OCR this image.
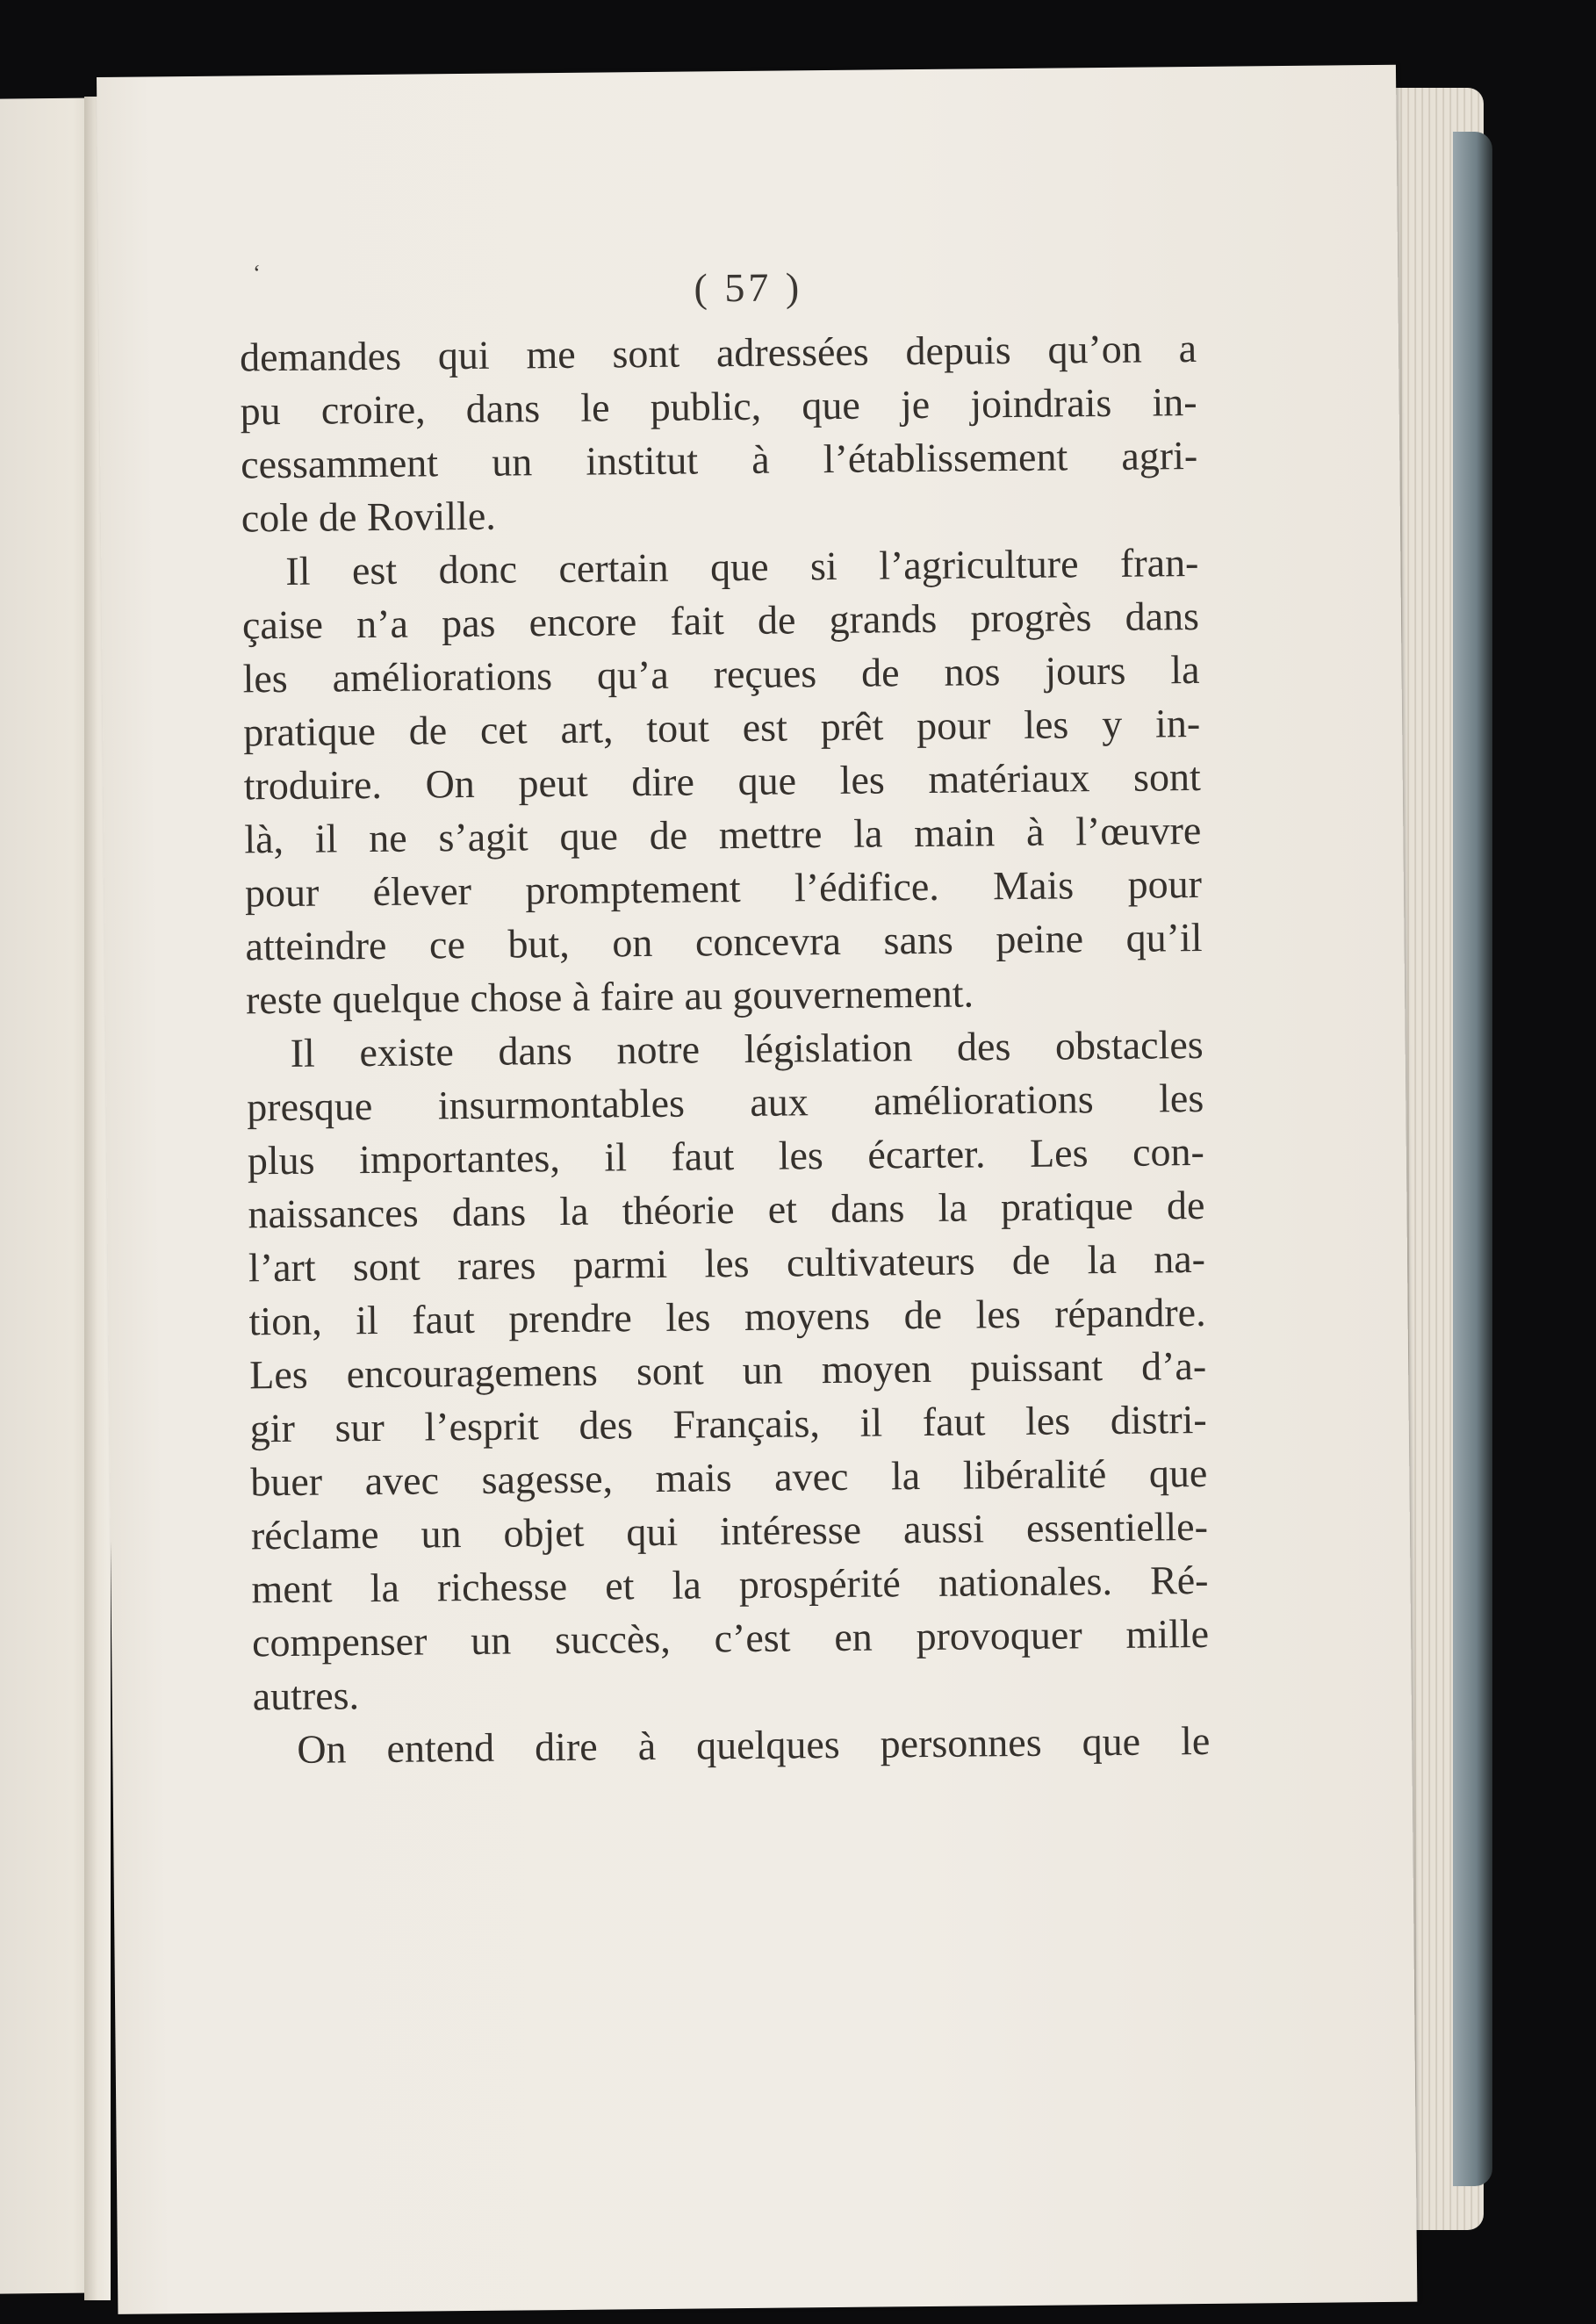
ʻ	( 57 )
demandes qui me sont adressées depuis qu’on a
pu croire, dans le public, que je joindrais in-
cessamment un institut à l’établissement agri-
cole de Roville.
Il est donc certain que si l’agriculture fran-
çaise n’a pas encore fait de grands progrès dans
les améliorations qu’a reçues de nos jours la
pratique de cet art, tout est prêt pour les y in-
troduire. On peut dire que les matériaux sont
là, il ne s’agit que de mettre la main à l’œuvre
pour élever promptement l’édifice. Mais pour
atteindre ce but, on concevra sans peine qu’il
reste quelque chose à faire au gouvernement.
Il existe dans notre législation des obstacles
presque insurmontables aux améliorations les
plus importantes, il faut les écarter. Les con-
naissances dans la théorie et dans la pratique de
l’art sont rares parmi les cultivateurs de la na-
tion, il faut prendre les moyens de les répandre.
Les encouragemens sont un moyen puissant d’a-
gir sur l’esprit des Français, il faut les distri-
buer avec sagesse, mais avec la libéralité que
réclame un objet qui intéresse aussi essentielle-
ment la richesse et la prospérité nationales. Ré-
compenser un succès, c’est en provoquer mille
autres.
On entend dire à quelques personnes que le
